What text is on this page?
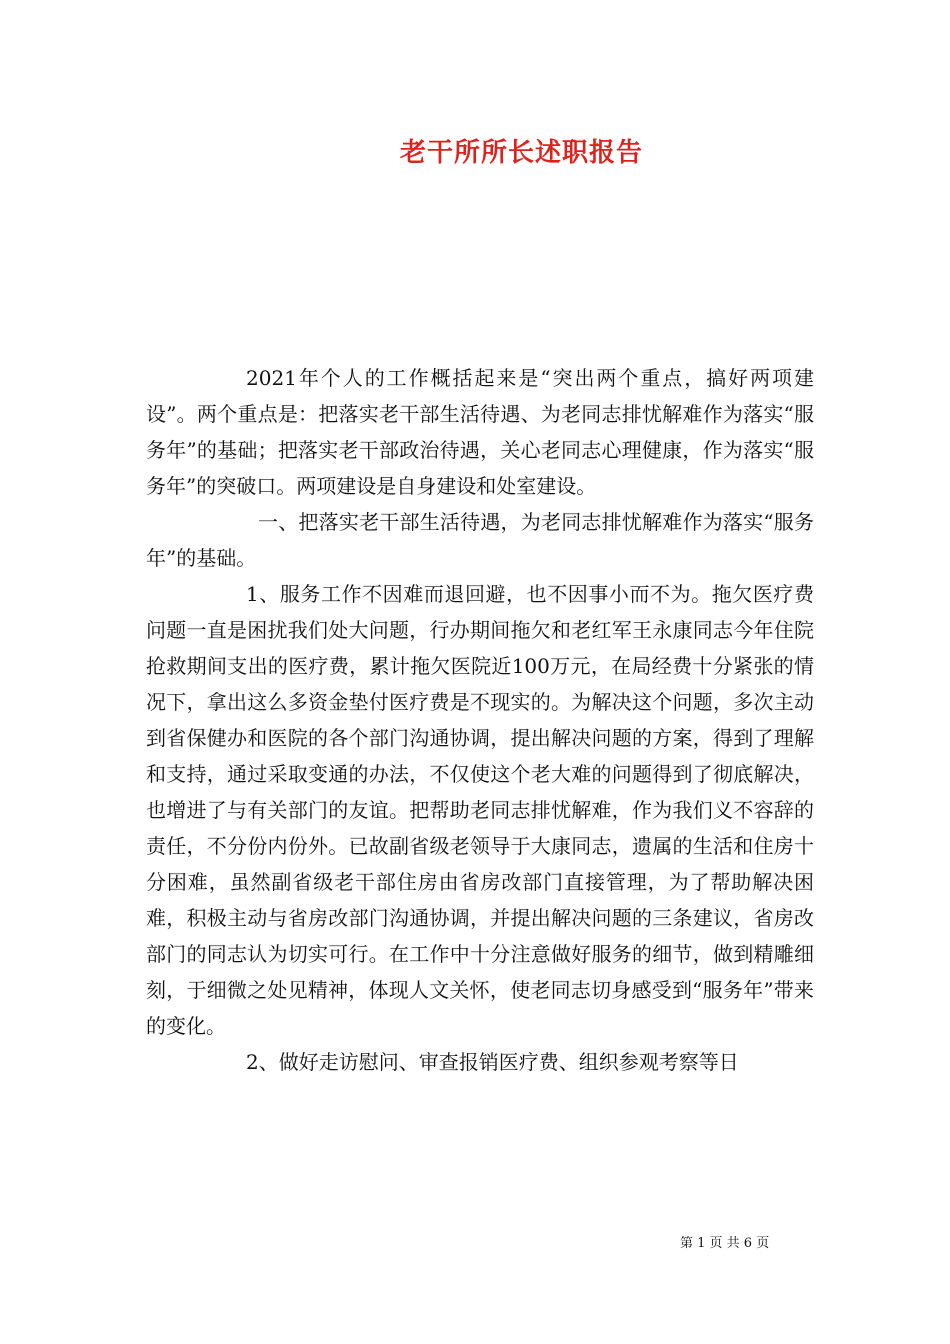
老干所所长述职报告

2021年个人的工作概括起来是“突出两个重点，搞好两项建设”。两个重点是：把落实老干部生活待遇、为老同志排忧解难作为落实“服务年”的基础；把落实老干部政治待遇，关心老同志心理健康，作为落实“服务年”的突破口。两项建设是自身建设和处室建设。

一、把落实老干部生活待遇，为老同志排忧解难作为落实“服务年”的基础。

1、服务工作不因难而退回避，也不因事小而不为。拖欠医疗费问题一直是困扰我们处大问题，行办期间拖欠和老红军王永康同志今年住院抢救期间支出的医疗费，累计拖欠医院近100万元，在局经费十分紧张的情况下，拿出这么多资金垫付医疗费是不现实的。为解决这个问题，多次主动到省保健办和医院的各个部门沟通协调，提出解决问题的方案，得到了理解和支持，通过采取变通的办法，不仅使这个老大难的问题得到了彻底解决，也增进了与有关部门的友谊。把帮助老同志排忧解难，作为我们义不容辞的责任，不分份内份外。已故副省级老领导于大康同志，遗属的生活和住房十分困难，虽然副省级老干部住房由省房改部门直接管理，为了帮助解决困难，积极主动与省房改部门沟通协调，并提出解决问题的三条建议，省房改部门的同志认为切实可行。在工作中十分注意做好服务的细节，做到精雕细刻，于细微之处见精神，体现人文关怀，使老同志切身感受到“服务年”带来的变化。

2、做好走访慰问、审查报销医疗费、组织参观考察等日

第 1 页 共 6 页
